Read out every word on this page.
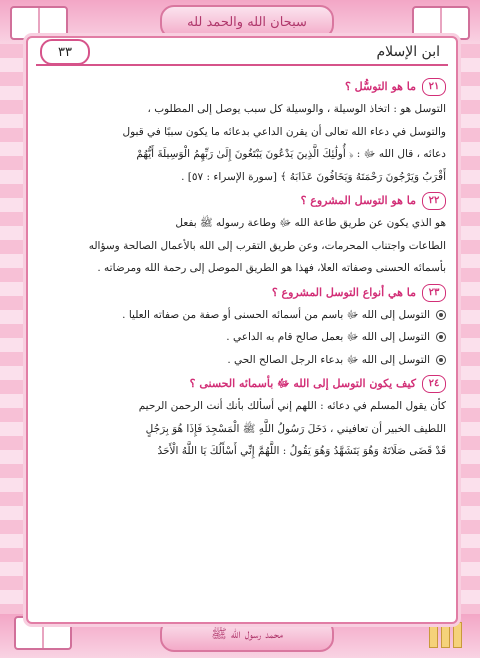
سبحان الله والحمد لله
محمد رسول الله ﷺ
ابن الإسلام
٣٣
٢١
ما هو التوسُّل ؟

التوسل هو : اتخاذ الوسيلة ، والوسيلة كل سبب يوصل إلى المطلوب ،

والتوسل في دعاء الله تعالى أن يقرن الداعي بدعائه ما يكون سببًا في قبول

دعائه ، قال الله ﷻ : ﴿ أُولَٰئِكَ الَّذِينَ يَدْعُونَ يَبْتَغُونَ إِلَىٰ رَبِّهِمُ الْوَسِيلَةَ أَيُّهُمْ

أَقْرَبُ وَيَرْجُونَ رَحْمَتَهُ وَيَخَافُونَ عَذَابَهُ ﴾ [سورة الإسراء : ٥٧] .

٢٢
ما هو التوسل المشروع ؟

هو الذي يكون عن طريق طاعة الله ﷻ وطاعة رسوله ﷺ بفعل

الطاعات واجتناب المحرمات، وعن طريق التقرب إلى الله بالأعمال الصالحة وسؤاله

بأسمائه الحسنى وصفاته العلا، فهذا هو الطريق الموصل إلى رحمة الله ومرضاته .

٢٣
ما هي أنواع التوسل المشروع ؟
التوسل إلى الله ﷻ باسم من أسمائه الحسنى أو صفة من صفاته العليا .
التوسل إلى الله ﷻ بعمل صالح قام به الداعي .
التوسل إلى الله ﷻ بدعاء الرجل الصالح الحي .
٢٤
كيف يكون التوسل إلى الله ﷻ بأسمائه الحسنى ؟

كأن يقول المسلم في دعائه : اللهم إني أسألك بأنك أنت الرحمن الرحيم

اللطيف الخبير أن تعافيني ، دَخَلَ رَسُولُ اللَّهِ ﷺ الْمَسْجِدَ فَإِذَا هُوَ بِرَجُلٍ

قَدْ قَضَى صَلَاتَهُ وَهُوَ يَتَشَهَّدُ وَهُوَ يَقُولُ : اللَّهُمَّ إِنِّي أَسْأَلُكَ يَا اللَّهُ الْأَحَدُ
